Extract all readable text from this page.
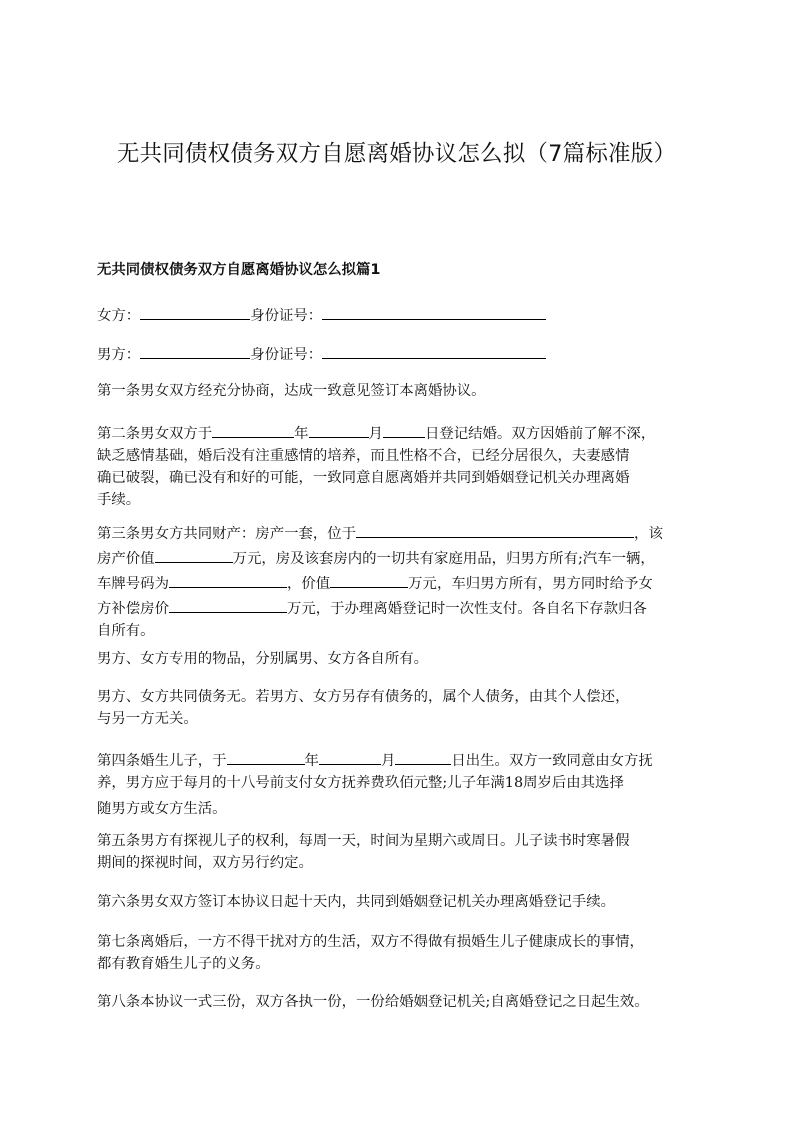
无共同债权债务双方自愿离婚协议怎么拟（7篇标准版）
无共同债权债务双方自愿离婚协议怎么拟篇1
女方：	身份证号：
男方：	身份证号：
第一条男女双方经充分协商，达成一致意见签订本离婚协议。
第二条男女双方于	年	月	日登记结婚。双方因婚前了解不深，
缺乏感情基础，婚后没有注重感情的培养，而且性格不合，已经分居很久，夫妻感情
确已破裂，确已没有和好的可能，一致同意自愿离婚并共同到婚姻登记机关办理离婚
手续。
第三条男女方共同财产：房产一套，位于	，该
房产价值	万元，房及该套房内的一切共有家庭用品，归男方所有;汽车一辆，
车牌号码为	，价值	万元，车归男方所有，男方同时给予女
方补偿房价	万元，于办理离婚登记时一次性支付。各自名下存款归各
自所有。
男方、女方专用的物品，分别属男、女方各自所有。
男方、女方共同债务无。若男方、女方另存有债务的，属个人债务，由其个人偿还，
与另一方无关。
第四条婚生儿子，于	年	月	日出生。双方一致同意由女方抚
养，男方应于每月的十八号前支付女方抚养费玖佰元整;儿子年满18周岁后由其选择
随男方或女方生活。
第五条男方有探视儿子的权利，每周一天，时间为星期六或周日。儿子读书时寒暑假
期间的探视时间，双方另行约定。
第六条男女双方签订本协议日起十天内，共同到婚姻登记机关办理离婚登记手续。
第七条离婚后，一方不得干扰对方的生活，双方不得做有损婚生儿子健康成长的事情，
都有教育婚生儿子的义务。
第八条本协议一式三份，双方各执一份，一份给婚姻登记机关;自离婚登记之日起生效。
